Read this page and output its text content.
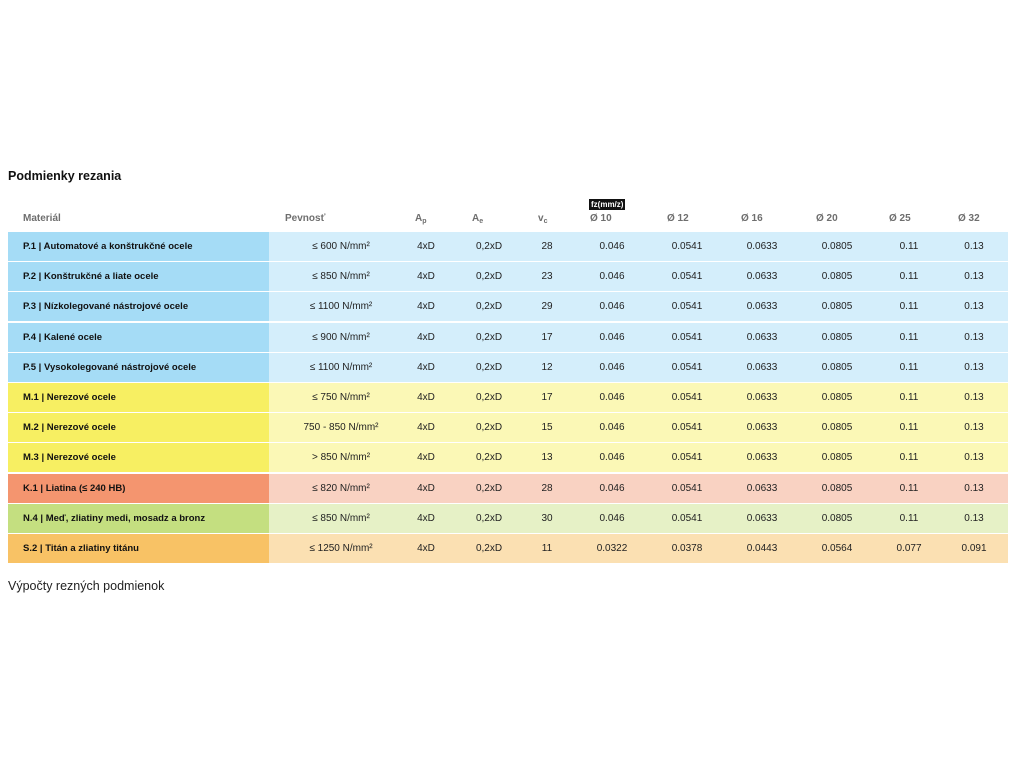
Podmienky rezania
fz(mm/z)
Materiál	Pevnosť	$A_p$	$A_e$	$v_c$	Ø 10	Ø 12	Ø 16	Ø 20	Ø 25	Ø 32
P.1 | Automatové a konštrukčné ocele	≤ 600 N/mm²	4xD	0,2xD	28	0.046	0.0541	0.0633	0.0805	0.11	0.13
P.2 | Konštrukčné a liate ocele	≤ 850 N/mm²	4xD	0,2xD	23	0.046	0.0541	0.0633	0.0805	0.11	0.13
P.3 | Nízkolegované nástrojové ocele	≤ 1100 N/mm²	4xD	0,2xD	29	0.046	0.0541	0.0633	0.0805	0.11	0.13
P.4 | Kalené ocele	≤ 900 N/mm²	4xD	0,2xD	17	0.046	0.0541	0.0633	0.0805	0.11	0.13
P.5 | Vysokolegované nástrojové ocele	≤ 1100 N/mm²	4xD	0,2xD	12	0.046	0.0541	0.0633	0.0805	0.11	0.13
M.1 | Nerezové ocele	≤ 750 N/mm²	4xD	0,2xD	17	0.046	0.0541	0.0633	0.0805	0.11	0.13
M.2 | Nerezové ocele	750 - 850 N/mm²	4xD	0,2xD	15	0.046	0.0541	0.0633	0.0805	0.11	0.13
M.3 | Nerezové ocele	> 850 N/mm²	4xD	0,2xD	13	0.046	0.0541	0.0633	0.0805	0.11	0.13
K.1 | Liatina (≤ 240 HB)	≤ 820 N/mm²	4xD	0,2xD	28	0.046	0.0541	0.0633	0.0805	0.11	0.13
N.4 | Meď, zliatiny medi, mosadz a bronz	≤ 850 N/mm²	4xD	0,2xD	30	0.046	0.0541	0.0633	0.0805	0.11	0.13
S.2 | Titán a zliatiny titánu	≤ 1250 N/mm²	4xD	0,2xD	11	0.0322	0.0378	0.0443	0.0564	0.077	0.091
Výpočty rezných podmienok
